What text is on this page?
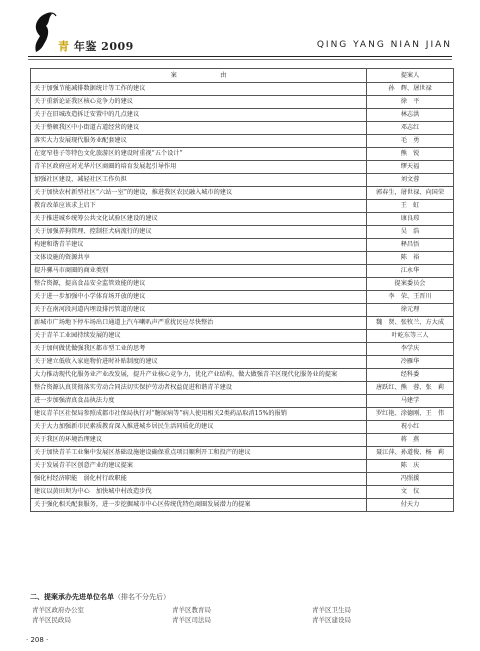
青 年鉴 2009	QING YANG NIAN JIAN
案　　　　　　　由	提案人
关于加强节能减排数据统计等工作的建议	孙　辉、屠世禄
关于重新论证我区核心竞争力的建议	徐　平
关于在旧城改造拆迁安置中的几点建议	林志洪
关于整顿我区中小街道占道经营的建议	邓志红
落实大力发展现代服务业配套建议	毛　勇
在宽窄巷子等特色文化旅游区的建设时重视“五个设计”	熊　锐
青羊区政府应对光华片区商圈的培育发展起引导作用	缪天福
加强社区建设，减轻社区工作负担	刘文蓉
关于加快农村新型社区“六站一室”的建设，推进我区农民融入城市的建议	郭春生，屠世禄、向国荣
教育改革应该求上启下	王　虹
关于推进城乡统筹公共文化试验区建设的建议	康良琼
关于加强养狗管理、控制狂犬病流行的建议	吴　浩
构建和谐青羊建议	释昌悟
文体设施的资源共享	陈　裕
提升骡马市商圈的商业类别	江永华
整合资源，提高食品安全监管效能的建议	提案委员会
关于进一步加强中小学体育场开放的建议	李　荣、王晋川
关于在南河段河道内埋设排污管道的建议	徐元理
新城市广场地下停车场出口通道上汽车喇叭声严重扰民应尽快整治	魏　贤、张牧兰、方大成
关于青羊工业园持续发展的建议	叶屹东等三人
关于加何做优做强我区都市型工业的思考	李学庆
关于建立低收入家庭物价进时补贴制度的建议	冷雁华
大力推动现代化服务业产业改发展，提升产业核心竞争力，优化产业结构，做大做强青羊区现代化服务业的提案	经科委
整合资源认真贯彻落实劳动合同法切实保护劳动者权益促进和谐青羊建设	唐跃红、熊　蓉、张　莉
进一步加强清真食品执法力度	马建学
建议青羊区社保局参照成都市社保局执行对“糖尿病等”病人使用相关2类药品取消15%的报销	罗红艳、涂德刚、王　伟
关于大力加强新市民素质教育深入推进城乡居民生活同质化的建议	祝小红
关于我区的环境治理建议	蒋　燕
关于加快青羊工业集中发展区基础设施建设确保重点项目顺利开工和投产的建议	聂江萍、孙道俊、杨　莉
关于发展青羊区创意产业的建议提案	陈　庆
强化村经济职能　弱化村行政职能	冯照援
建议以黄田坝为中心　加快城中村改造步伐	文　仪
关于强化相关配套服务，进一步挖掘城市中心区传统优特色商圈发展潜力的提案	付天力
二、提案承办先进单位名单（排名不分先后）
青羊区政府办公室	青羊区教育局	青羊区卫生局
青羊区民政局	青羊区司法局	青羊区建设局
· 208 ·
